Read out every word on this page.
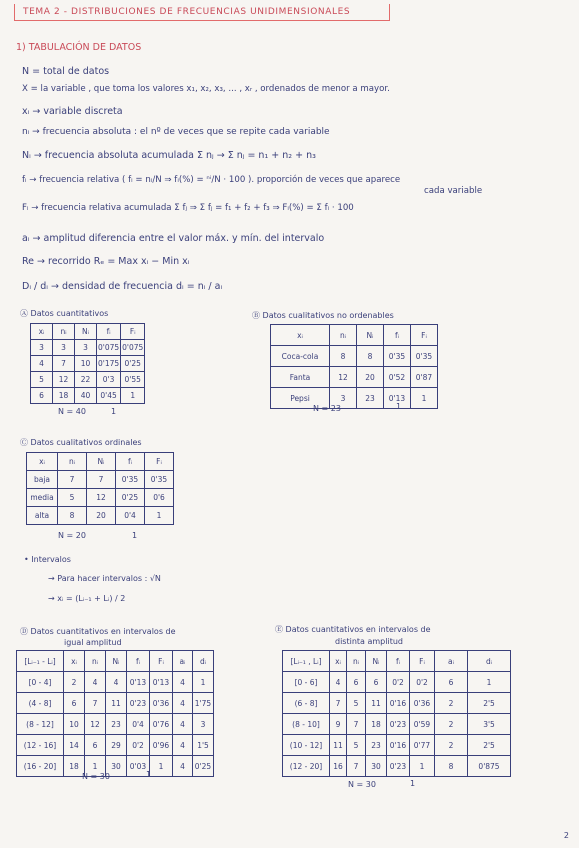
TEMA 2 - DISTRIBUCIONES DE FRECUENCIAS UNIDIMENSIONALES
1) TABULACIÓN DE DATOS
N = total de datos
X = la variable , que toma los valores x₁, x₂, x₃, ... , xᵣ , ordenados de menor a mayor.
xᵢ → variable discreta
nᵢ → frecuencia absoluta : el nº de veces que se repite cada variable
Nᵢ → frecuencia absoluta acumulada Σ nⱼ → Σ nⱼ = n₁ + n₂ + n₃
fᵢ → frecuencia relativa ( fᵢ = nᵢ/N ⇒ fᵢ(%) = ⁿⁱ/N · 100 ). proporción de veces que aparece
cada variable
Fᵢ → frecuencia relativa acumulada Σ fⱼ ⇒ Σ fⱼ = f₁ + f₂ + f₃ ⇒ Fᵢ(%) = Σ fᵢ · 100
aᵢ → amplitud diferencia entre el valor máx. y mín. del intervalo
Re → recorrido Rₑ = Max xᵢ − Min xᵢ
Dᵢ / dᵢ → densidad de frecuencia dᵢ = nᵢ / aᵢ
Ⓐ Datos cuantitativos
xᵢ	nᵢ	Nᵢ	fᵢ	Fᵢ
3	3	3	0'075	0'075
4	7	10	0'175	0'25
5	12	22	0'3	0'55
6	18	40	0'45	1
N = 40	1
Ⓑ Datos cualitativos no ordenables
xᵢ	nᵢ	Nᵢ	fᵢ	Fᵢ
Coca-cola	8	8	0'35	0'35
Fanta	12	20	0'52	0'87
Pepsi	3	23	0'13	1
N = 23	1
Ⓒ Datos cualitativos ordinales
xᵢ	nᵢ	Nᵢ	fᵢ	Fᵢ
baja	7	7	0'35	0'35
media	5	12	0'25	0'6
alta	8	20	0'4	1
N = 20	1
• Intervalos
→ Para hacer intervalos : √N
→ xᵢ = (Lᵢ₋₁ + Lᵢ) / 2
Ⓓ Datos cuantitativos en intervalos de
igual amplitud
[Lᵢ₋₁ - Lᵢ]	xᵢ	nᵢ	Nᵢ	fᵢ	Fᵢ	aᵢ	dᵢ
[0 - 4]	2	4	4	0'13	0'13	4	1
(4 - 8]	6	7	11	0'23	0'36	4	1'75
(8 - 12]	10	12	23	0'4	0'76	4	3
(12 - 16]	14	6	29	0'2	0'96	4	1'5
(16 - 20]	18	1	30	0'03	1	4	0'25
N = 30	1
Ⓔ Datos cuantitativos en intervalos de
distinta amplitud
[Lᵢ₋₁ , Lᵢ]	xᵢ	nᵢ	Nᵢ	fᵢ	Fᵢ	aᵢ	dᵢ
[0 - 6]	4	6	6	0'2	0'2	6	1
(6 - 8]	7	5	11	0'16	0'36	2	2'5
(8 - 10]	9	7	18	0'23	0'59	2	3'5
(10 - 12]	11	5	23	0'16	0'77	2	2'5
(12 - 20]	16	7	30	0'23	1	8	0'875
N = 30	1
2
